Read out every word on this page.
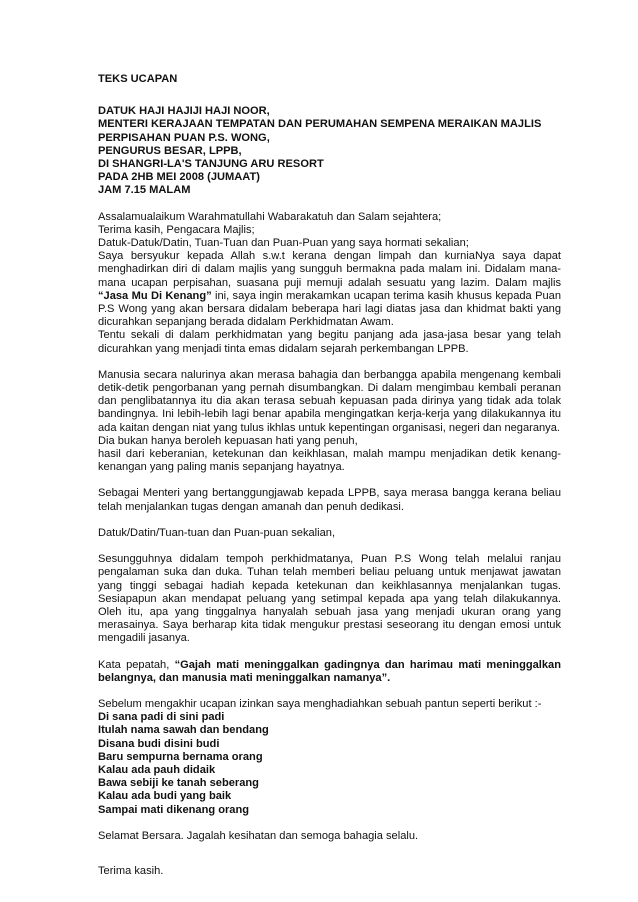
TEKS UCAPAN

DATUK HAJI HAJIJI HAJI NOOR,
MENTERI KERAJAAN TEMPATAN DAN PERUMAHAN SEMPENA MERAIKAN MAJLIS
PERPISAHAN PUAN P.S. WONG,
PENGURUS BESAR, LPPB,
DI SHANGRI-LA'S TANJUNG ARU RESORT
PADA 2HB MEI 2008 (JUMAAT)
JAM 7.15 MALAM
Assalamualaikum Warahmatullahi Wabarakatuh dan Salam sejahtera;
Terima kasih, Pengacara Majlis;
Datuk-Datuk/Datin, Tuan-Tuan dan Puan-Puan yang saya hormati sekalian;

Saya bersyukur kepada Allah s.w.t kerana dengan limpah dan kurniaNya saya dapat menghadirkan diri di dalam majlis yang sungguh bermakna pada malam ini. Didalam mana-mana ucapan perpisahan, suasana puji memuji adalah sesuatu yang lazim. Dalam majlis “Jasa Mu Di Kenang” ini, saya ingin merakamkan ucapan terima kasih khusus kepada Puan P.S Wong yang akan bersara didalam beberapa hari lagi diatas jasa dan khidmat bakti yang dicurahkan sepanjang berada didalam Perkhidmatan Awam.

Tentu sekali di dalam perkhidmatan yang begitu panjang ada jasa-jasa besar yang telah dicurahkan yang menjadi tinta emas didalam sejarah perkembangan LPPB.

Manusia secara nalurinya akan merasa bahagia dan berbangga apabila mengenang kembali detik-detik pengorbanan yang pernah disumbangkan. Di dalam mengimbau kembali peranan dan penglibatannya itu dia akan terasa sebuah kepuasan pada dirinya yang tidak ada tolak bandingnya. Ini lebih-lebih lagi benar apabila mengingatkan kerja-kerja yang dilakukannya itu ada kaitan dengan niat yang tulus ikhlas untuk kepentingan organisasi, negeri dan negaranya.

Dia bukan hanya beroleh kepuasan hati yang penuh,

hasil dari keberanian, ketekunan dan keikhlasan, malah mampu menjadikan detik kenang-kenangan yang paling manis sepanjang hayatnya.

Sebagai Menteri yang bertanggungjawab kepada LPPB, saya merasa bangga kerana beliau telah menjalankan tugas dengan amanah dan penuh dedikasi.

Datuk/Datin/Tuan-tuan dan Puan-puan sekalian,

Sesungguhnya didalam tempoh perkhidmatanya, Puan P.S Wong telah melalui ranjau pengalaman suka dan duka. Tuhan telah memberi beliau peluang untuk menjawat jawatan yang tinggi sebagai hadiah kepada ketekunan dan keikhlasannya menjalankan tugas. Sesiapapun akan mendapat peluang yang setimpal kepada apa yang telah dilakukannya. Oleh itu, apa yang tinggalnya hanyalah sebuah jasa yang menjadi ukuran orang yang merasainya. Saya berharap kita tidak mengukur prestasi seseorang itu dengan emosi untuk mengadili jasanya.

Kata pepatah, “Gajah mati meninggalkan gadingnya dan harimau mati meninggalkan belangnya, dan manusia mati meninggalkan namanya”.

Sebelum mengakhir ucapan izinkan saya menghadiahkan sebuah pantun seperti berikut :-

Di sana padi di sini padi
Itulah nama sawah dan bendang
Disana budi disini budi
Baru sempurna bernama orang
Kalau ada pauh didaik
Bawa sebiji ke tanah seberang
Kalau ada budi yang baik
Sampai mati dikenang orang

Selamat Bersara. Jagalah kesihatan dan semoga bahagia selalu.

Terima kasih.
